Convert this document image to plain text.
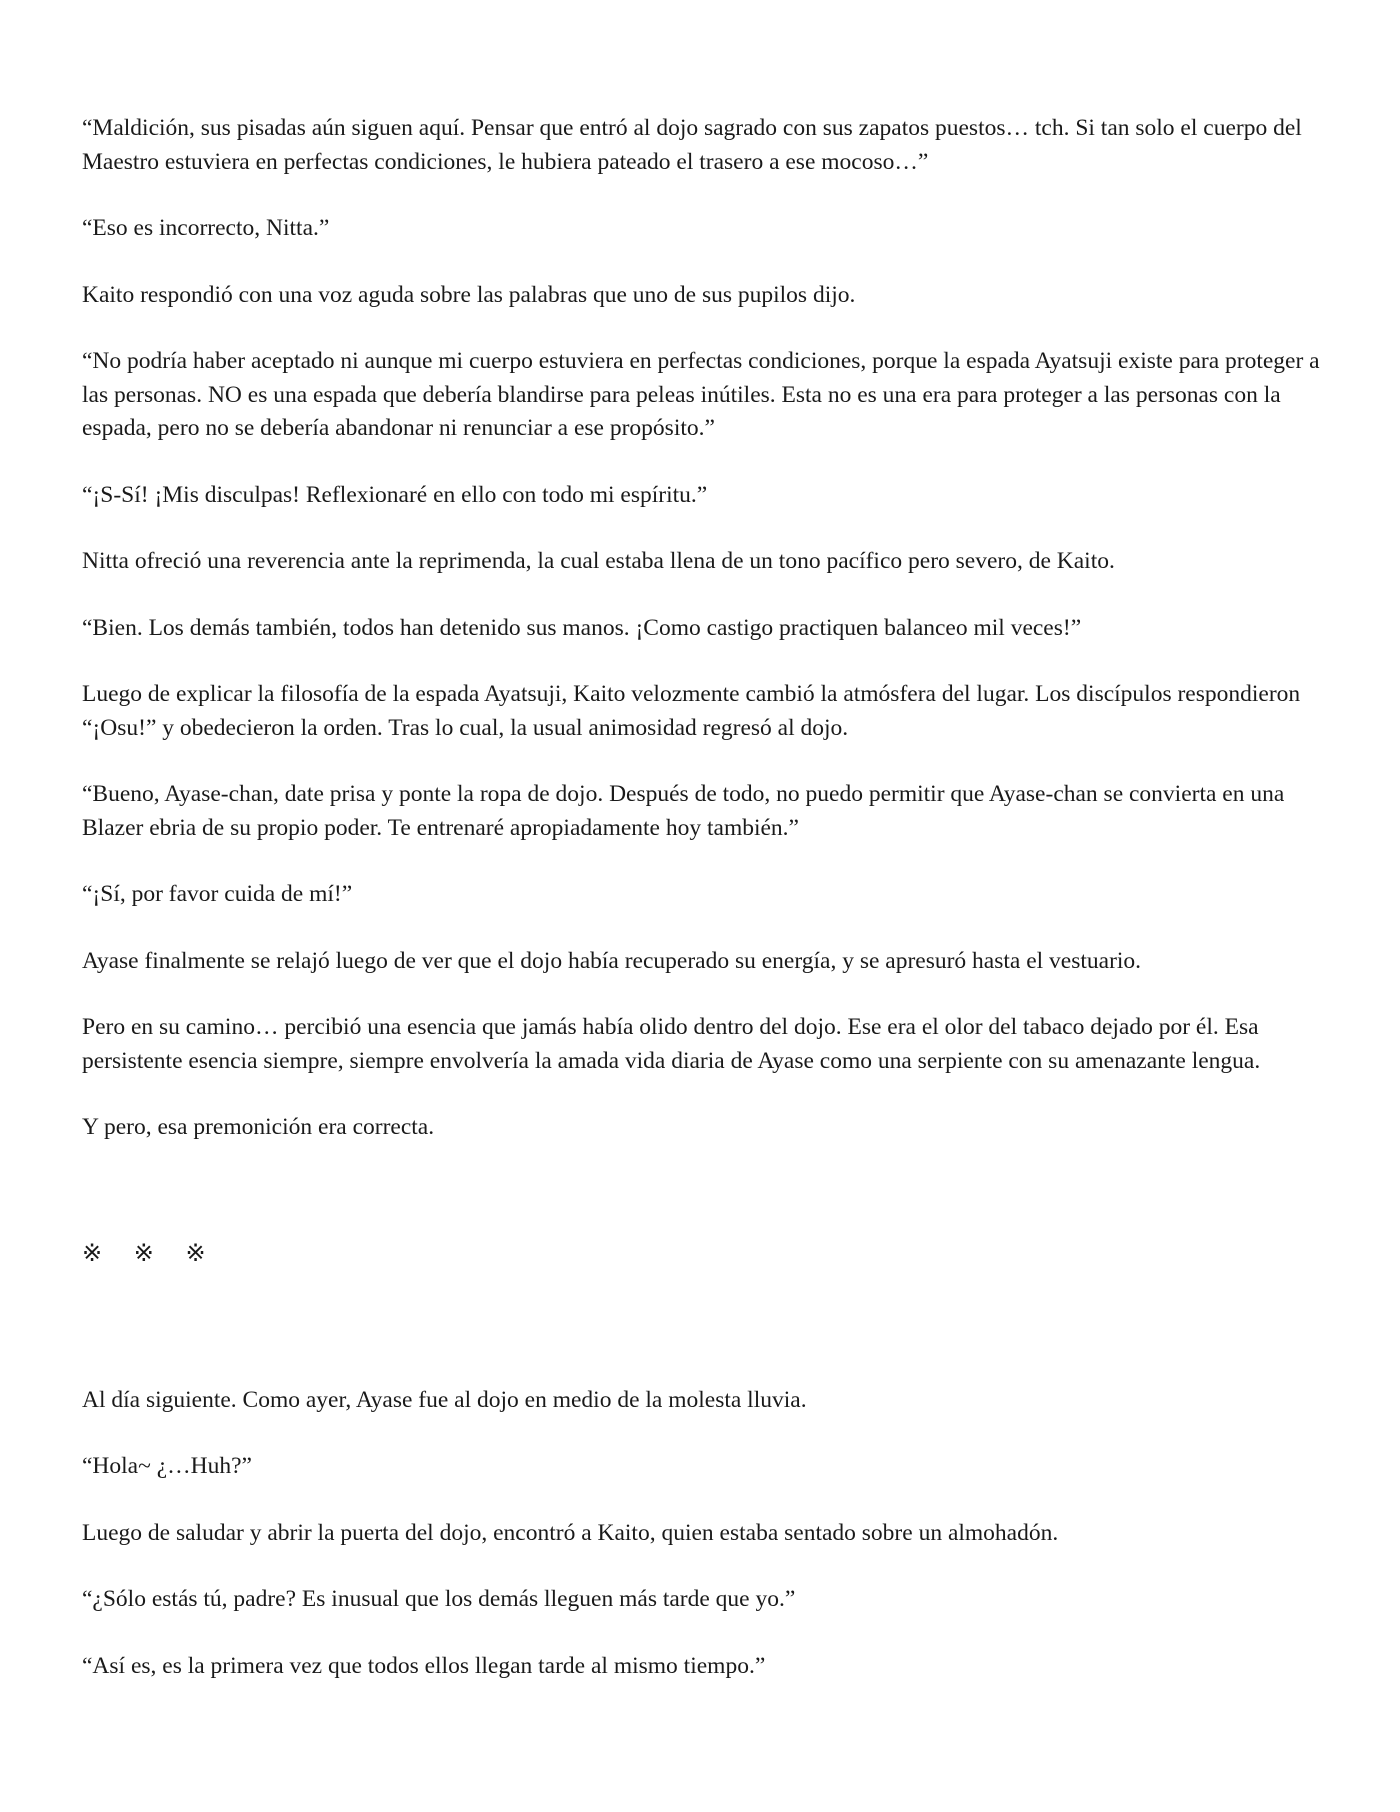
“Maldición, sus pisadas aún siguen aquí. Pensar que entró al dojo sagrado con sus zapatos puestos… tch. Si tan solo el cuerpo del Maestro estuviera en perfectas condiciones, le hubiera pateado el trasero a ese mocoso…”

“Eso es incorrecto, Nitta.”

Kaito respondió con una voz aguda sobre las palabras que uno de sus pupilos dijo.

“No podría haber aceptado ni aunque mi cuerpo estuviera en perfectas condiciones, porque la espada Ayatsuji existe para proteger a las personas. NO es una espada que debería blandirse para peleas inútiles. Esta no es una era para proteger a las personas con la espada, pero no se debería abandonar ni renunciar a ese propósito.”

“¡S-Sí! ¡Mis disculpas! Reflexionaré en ello con todo mi espíritu.”

Nitta ofreció una reverencia ante la reprimenda, la cual estaba llena de un tono pacífico pero severo, de Kaito.

“Bien. Los demás también, todos han detenido sus manos. ¡Como castigo practiquen balanceo mil veces!”

Luego de explicar la filosofía de la espada Ayatsuji, Kaito velozmente cambió la atmósfera del lugar. Los discípulos respondieron “¡Osu!” y obedecieron la orden. Tras lo cual, la usual animosidad regresó al dojo.

“Bueno, Ayase-chan, date prisa y ponte la ropa de dojo. Después de todo, no puedo permitir que Ayase-chan se convierta en una Blazer ebria de su propio poder. Te entrenaré apropiadamente hoy también.”

“¡Sí, por favor cuida de mí!”

Ayase finalmente se relajó luego de ver que el dojo había recuperado su energía, y se apresuró hasta el vestuario.

Pero en su camino… percibió una esencia que jamás había olido dentro del dojo. Ese era el olor del tabaco dejado por él. Esa persistente esencia siempre, siempre envolvería la amada vida diaria de Ayase como una serpiente con su amenazante lengua.

Y pero, esa premonición era correcta.

※ ※ ※

Al día siguiente. Como ayer, Ayase fue al dojo en medio de la molesta lluvia.

“Hola~ ¿…Huh?”

Luego de saludar y abrir la puerta del dojo, encontró a Kaito, quien estaba sentado sobre un almohadón.

“¿Sólo estás tú, padre? Es inusual que los demás lleguen más tarde que yo.”

“Así es, es la primera vez que todos ellos llegan tarde al mismo tiempo.”
